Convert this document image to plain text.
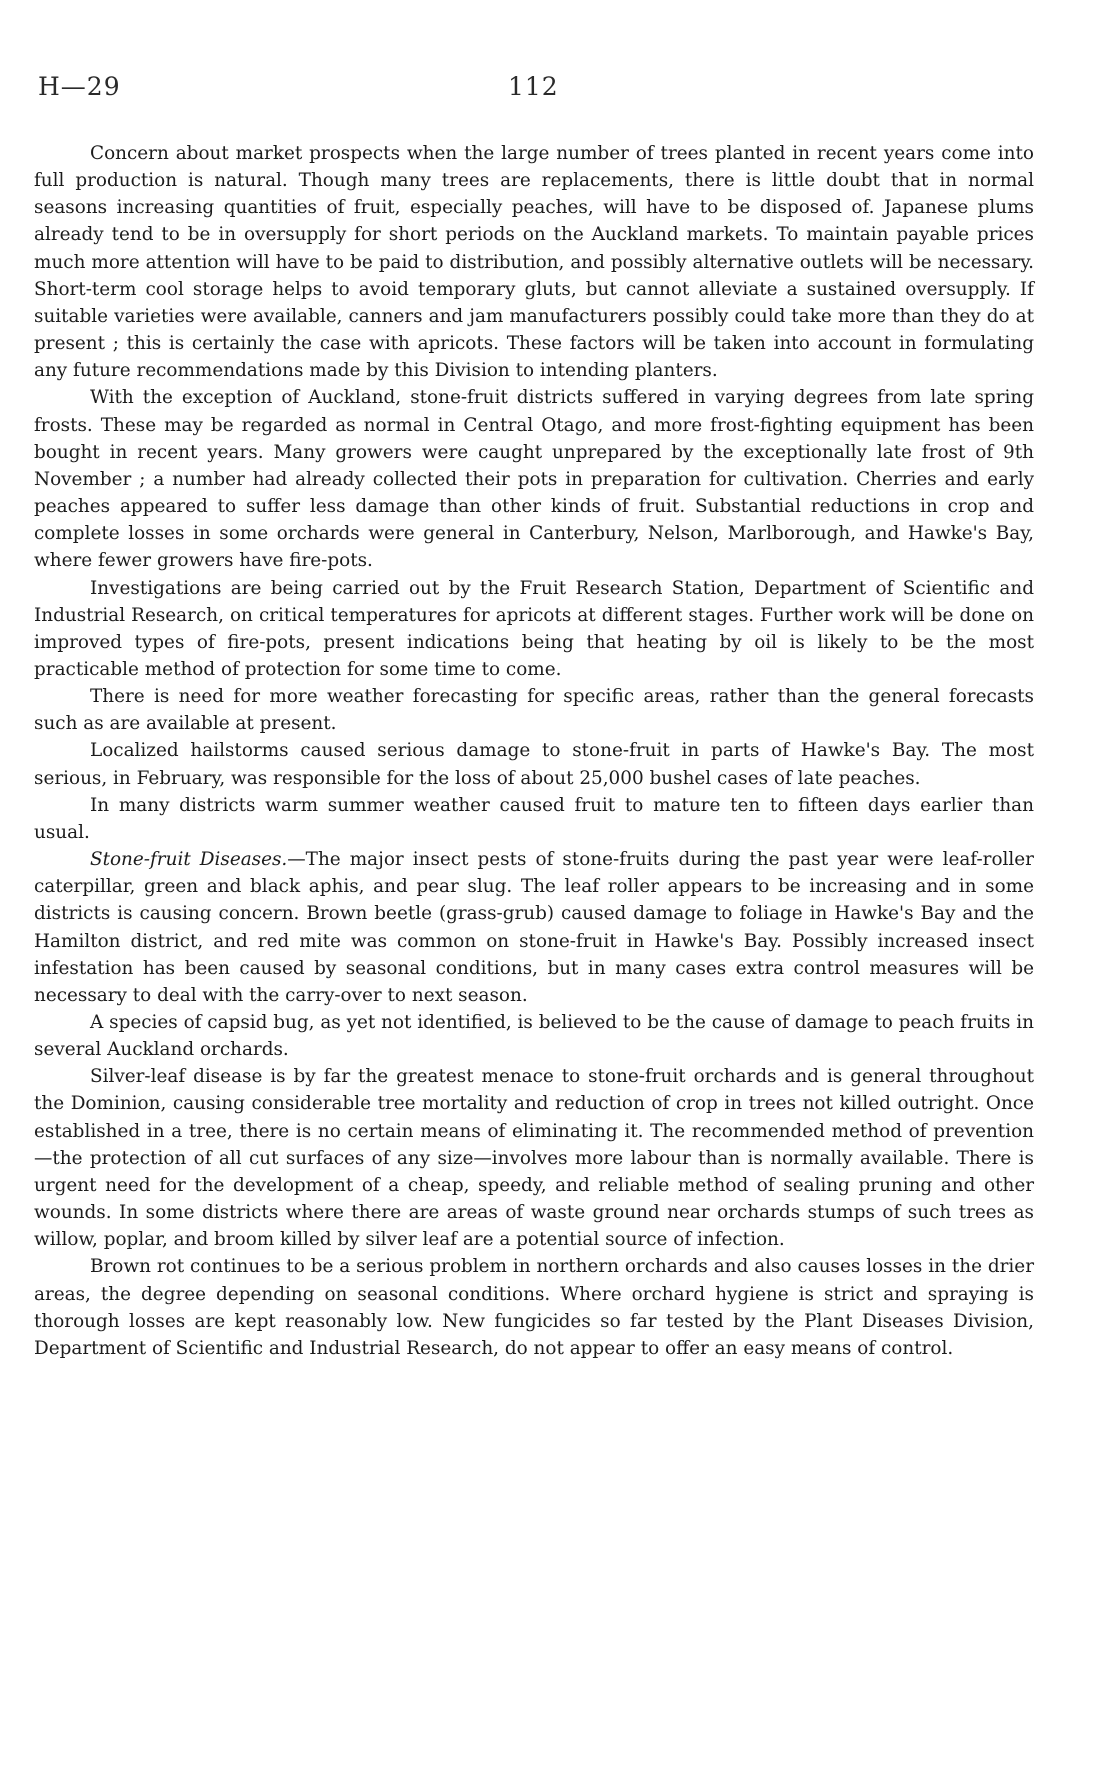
H—29	112

Concern about market prospects when the large number of trees planted in recent years come into full production is natural. Though many trees are replacements, there is little doubt that in normal seasons increasing quantities of fruit, especially peaches, will have to be disposed of. Japanese plums already tend to be in oversupply for short periods on the Auckland markets. To maintain payable prices much more attention will have to be paid to distribution, and possibly alternative outlets will be necessary. Short-term cool storage helps to avoid temporary gluts, but cannot alleviate a sustained oversupply. If suitable varieties were available, canners and jam manufacturers possibly could take more than they do at present ; this is certainly the case with apricots. These factors will be taken into account in formulating any future recommendations made by this Division to intending planters.

With the exception of Auckland, stone-fruit districts suffered in varying degrees from late spring frosts. These may be regarded as normal in Central Otago, and more frost-fighting equipment has been bought in recent years. Many growers were caught unprepared by the exceptionally late frost of 9th November ; a number had already collected their pots in preparation for cultivation. Cherries and early peaches appeared to suffer less damage than other kinds of fruit. Substantial reductions in crop and complete losses in some orchards were general in Canterbury, Nelson, Marlborough, and Hawke's Bay, where fewer growers have fire-pots.

Investigations are being carried out by the Fruit Research Station, Department of Scientific and Industrial Research, on critical temperatures for apricots at different stages. Further work will be done on improved types of fire-pots, present indications being that heating by oil is likely to be the most practicable method of protection for some time to come.

There is need for more weather forecasting for specific areas, rather than the general forecasts such as are available at present.

Localized hailstorms caused serious damage to stone-fruit in parts of Hawke's Bay. The most serious, in February, was responsible for the loss of about 25,000 bushel cases of late peaches.

In many districts warm summer weather caused fruit to mature ten to fifteen days earlier than usual.

Stone-fruit Diseases.—The major insect pests of stone-fruits during the past year were leaf-roller caterpillar, green and black aphis, and pear slug. The leaf roller appears to be increasing and in some districts is causing concern. Brown beetle (grass-grub) caused damage to foliage in Hawke's Bay and the Hamilton district, and red mite was common on stone-fruit in Hawke's Bay. Possibly increased insect infestation has been caused by seasonal conditions, but in many cases extra control measures will be necessary to deal with the carry-over to next season.

A species of capsid bug, as yet not identified, is believed to be the cause of damage to peach fruits in several Auckland orchards.

Silver-leaf disease is by far the greatest menace to stone-fruit orchards and is general throughout the Dominion, causing considerable tree mortality and reduction of crop in trees not killed outright. Once established in a tree, there is no certain means of eliminating it. The recommended method of prevention—the protection of all cut surfaces of any size—involves more labour than is normally available. There is urgent need for the development of a cheap, speedy, and reliable method of sealing pruning and other wounds. In some districts where there are areas of waste ground near orchards stumps of such trees as willow, poplar, and broom killed by silver leaf are a potential source of infection.

Brown rot continues to be a serious problem in northern orchards and also causes losses in the drier areas, the degree depending on seasonal conditions. Where orchard hygiene is strict and spraying is thorough losses are kept reasonably low. New fungicides so far tested by the Plant Diseases Division, Department of Scientific and Industrial Research, do not appear to offer an easy means of control.
